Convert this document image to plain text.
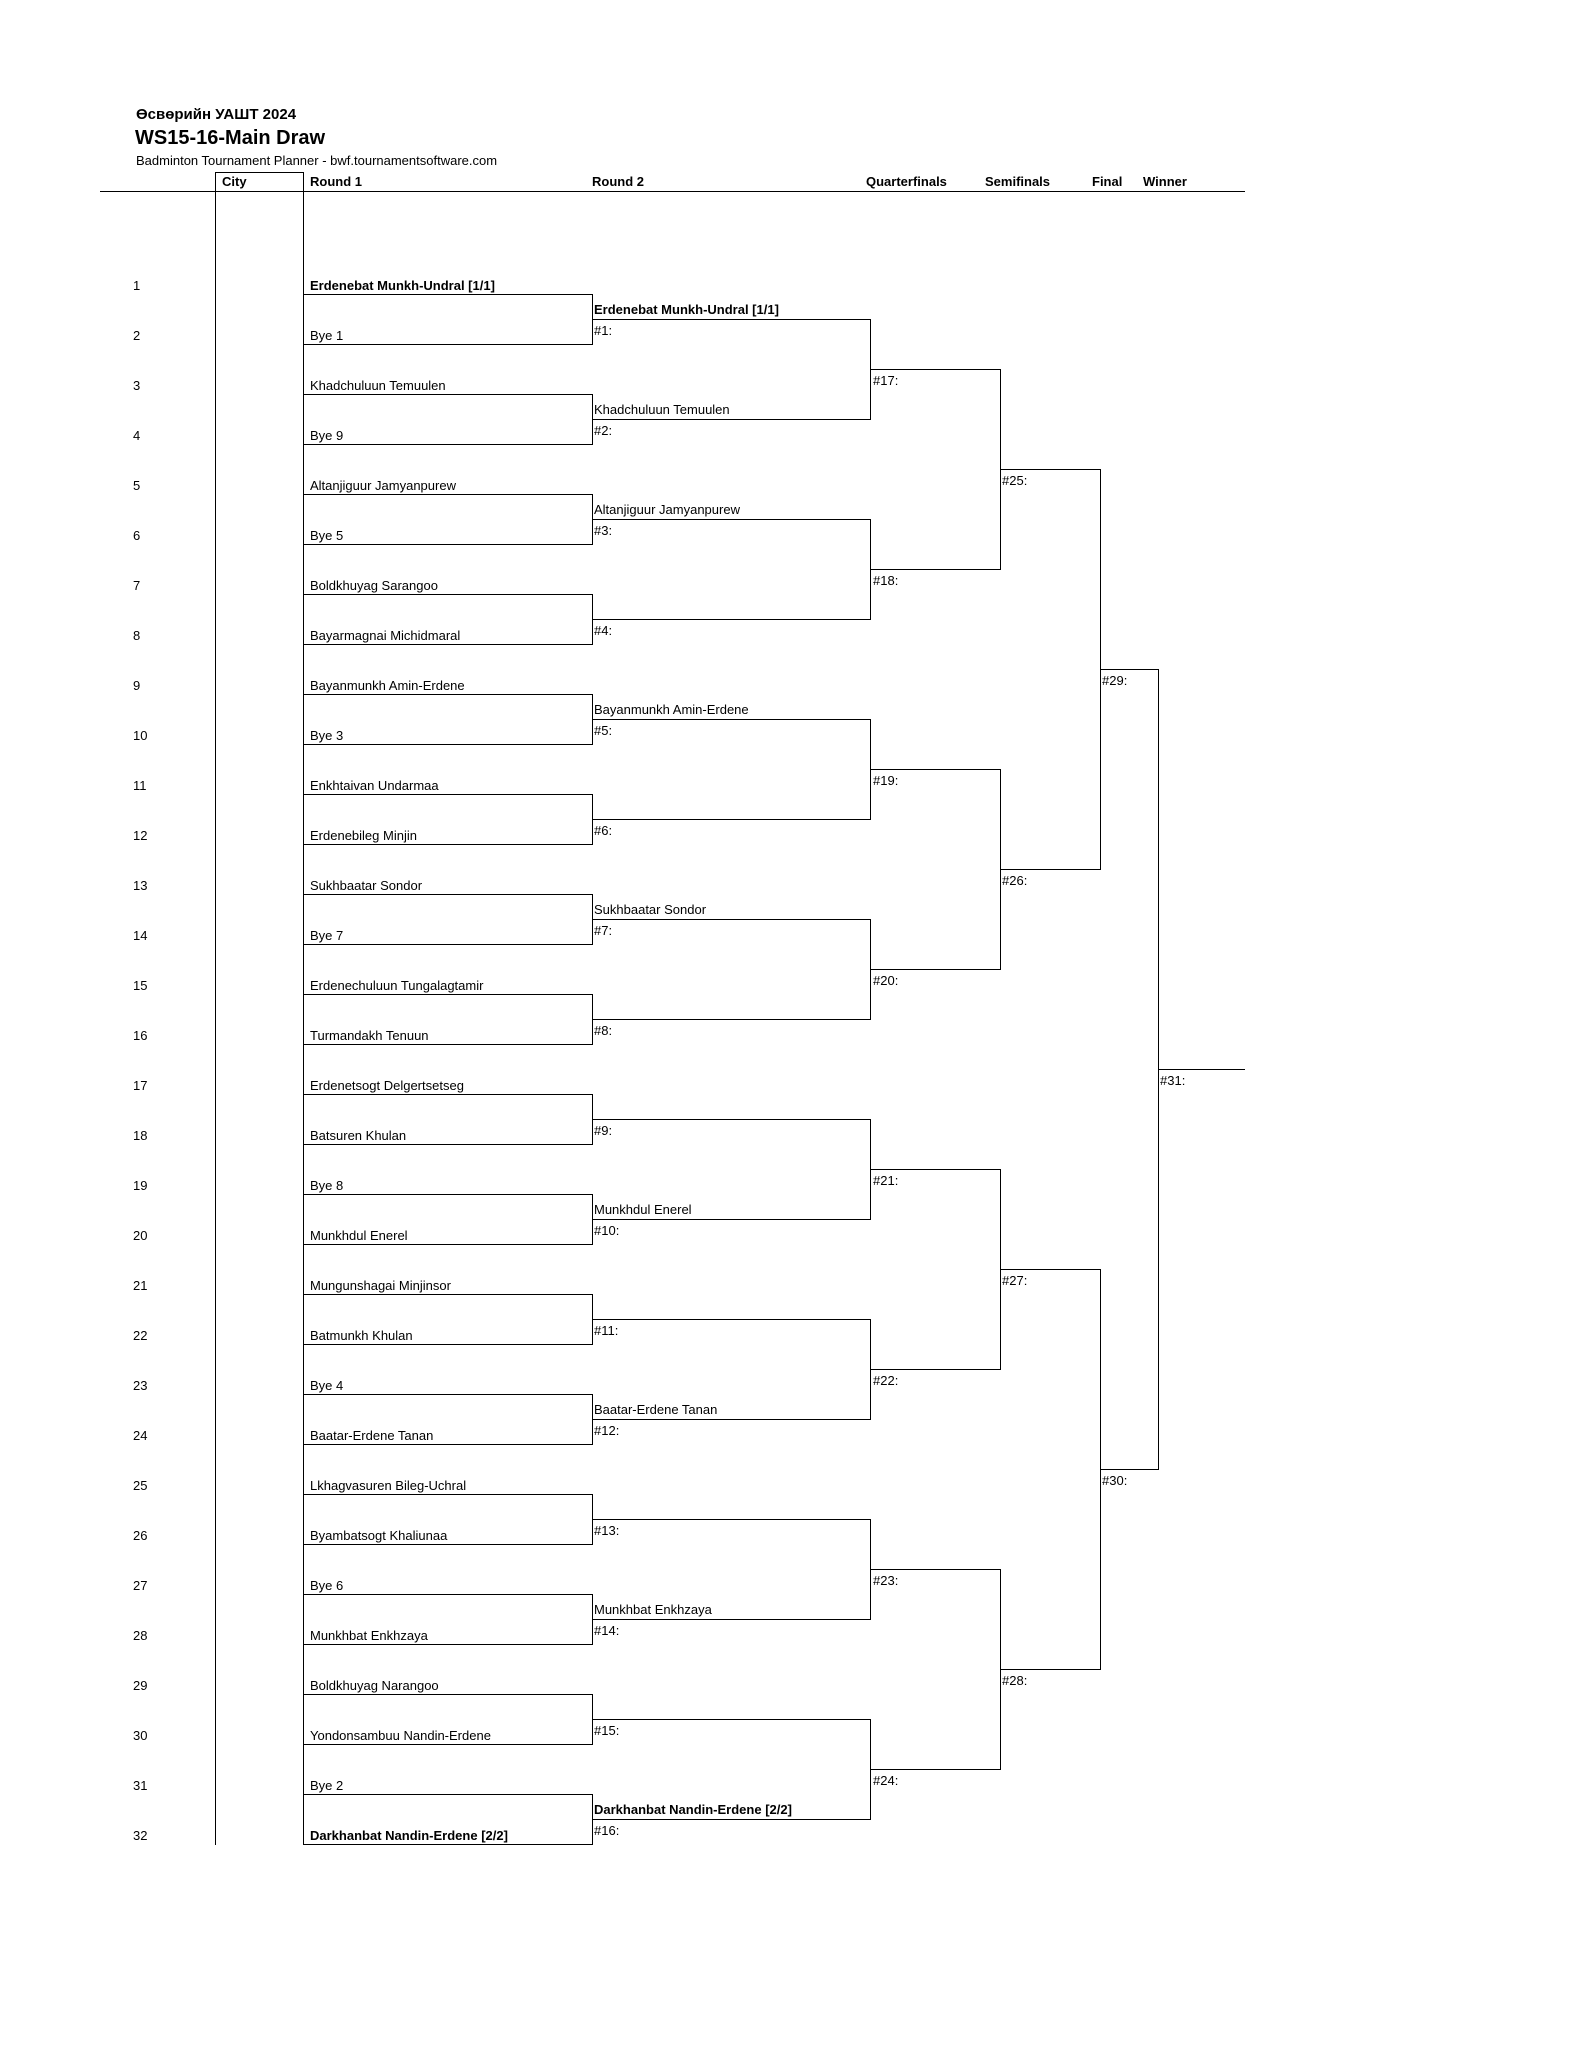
Өсвөрийн УАШТ 2024
WS15-16-Main Draw
Badminton Tournament Planner - bwf.tournamentsoftware.com
City	Round 1	Round 2	Quarterfinals	Semifinals	Final Winner
1	Erdenebat Munkh-Undral [1/1]
2	Bye 1
3	Khadchuluun Temuulen
4	Bye 9
5	Altanjiguur Jamyanpurew
6	Bye 5
7	Boldkhuyag Sarangoo
8	Bayarmagnai Michidmaral
9	Bayanmunkh Amin-Erdene
10	Bye 3
11	Enkhtaivan Undarmaa
12	Erdenebileg Minjin
13	Sukhbaatar Sondor
14	Bye 7
15	Erdenechuluun Tungalagtamir
16	Turmandakh Tenuun
17	Erdenetsogt Delgertsetseg
18	Batsuren Khulan
19	Bye 8
20	Munkhdul Enerel
21	Mungunshagai Minjinsor
22	Batmunkh Khulan
23	Bye 4
24	Baatar-Erdene Tanan
25	Lkhagvasuren Bileg-Uchral
26	Byambatsogt Khaliunaa
27	Bye 6
28	Munkhbat Enkhzaya
29	Boldkhuyag Narangoo
30	Yondonsambuu Nandin-Erdene
31	Bye 2
32	Darkhanbat Nandin-Erdene [2/2]
#1:
Erdenebat Munkh-Undral [1/1]
#2:
Khadchuluun Temuulen
#3:
Altanjiguur Jamyanpurew
#4:
#5:
Bayanmunkh Amin-Erdene
#6:
#7:
Sukhbaatar Sondor
#8:
#9:
#10:
Munkhdul Enerel
#11:
#12:
Baatar-Erdene Tanan
#13:
#14:
Munkhbat Enkhzaya
#15:
#16:
Darkhanbat Nandin-Erdene [2/2]
#17:
#18:
#19:
#20:
#21:
#22:
#23:
#24:
#25:
#26:
#27:
#28:
#29:
#30:
#31:
